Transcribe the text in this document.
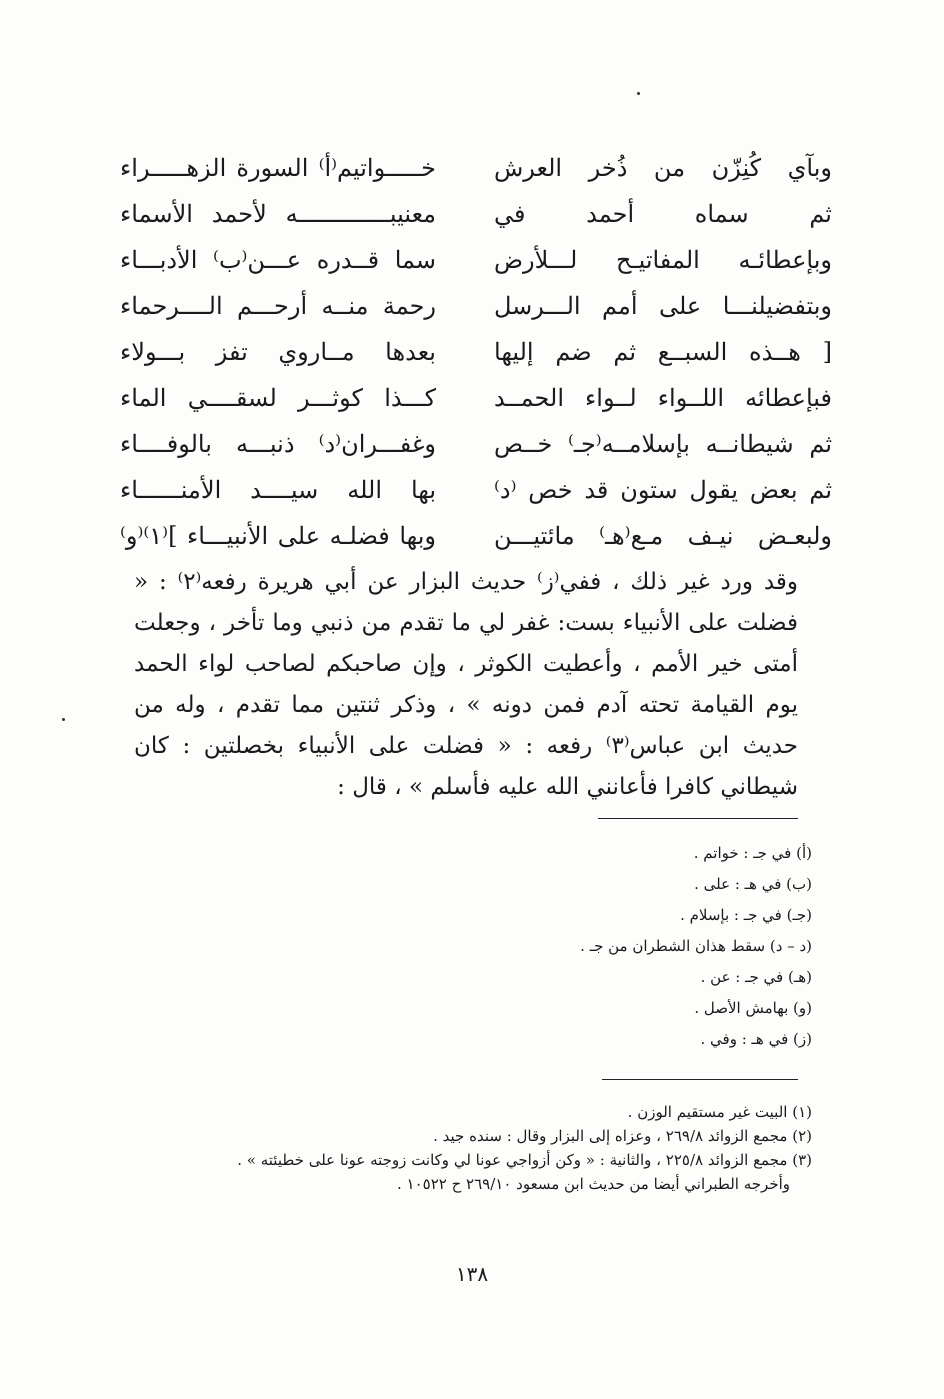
وبآي كُنِزّن من ذُخر العرش
خـــــواتيم⁽أ⁾ السورة الزهـــــراء
ثم سماه أحمد في
معنيبـــــــــــــه لأحمد الأسماء
وبإعطائـه المفاتيـح لـــلأرض
سما قــدره عـــن⁽ب⁾ الأدبـــاء
وبتفضيلنـــا على أمم الـــرسل
رحمة منــه أرحـــم الــــرحماء
[ هــذه السبــع ثم ضم إليها
بعدها مــاروي تفز بـــولاء
فبإعطائه اللــواء لــواء الحمــد
كـــذا كوثـــر لسقــــي الماء
ثم شيطانــه بإسلامــه⁽جـ⁾ خــص
وغفـــران⁽د⁾ ذنبـــه بالوفــــاء
ثم بعض يقول ستون قد خص ⁽د⁾
بها الله سيــــد الأمنــــــاء
ولبعـض نيـف مـع⁽هـ⁾ مائتيـــن
وبها فضلـه على الأنبيـــاء ]⁽١⁾⁽و⁾
وقد ورد غير ذلك ، ففي⁽ز⁾ حديث البزار عن أبي هريرة رفعه⁽٢⁾ : « فضلت على الأنبياء بست: غفر لي ما تقدم من ذنبي وما تأخر ، وجعلت أمتى خير الأمم ، وأعطيت الكوثر ، وإن صاحبكم لصاحب لواء الحمد يوم القيامة تحته آدم فمن دونه » ، وذكر ثنتين مما تقدم ، وله من حديث ابن عباس⁽٣⁾ رفعه : « فضلت على الأنبياء بخصلتين : كان شيطاني كافرا فأعانني الله عليه فأسلم » ، قال :
(أ) في جـ : خواتم .
(ب) في هـ : على .
(جـ) في جـ : بإسلام .
(د – د) سقط هذان الشطران من جـ .
(هـ) في جـ : عن .
(و) بهامش الأصل .
(ز) في هـ : وفي .
(١) البيت غير مستقيم الوزن .
(٢) مجمع الزوائد ٢٦٩/٨ ، وعزاه إلى البزار وقال : سنده جيد .
(٣) مجمع الزوائد ٢٢٥/٨ ، والثانية : « وكن أزواجي عونا لي وكانت زوجته عونا على خطيئته » .
وأخرجه الطبراني أيضا من حديث ابن مسعود ٢٦٩/١٠ ح ١٠٥٢٢ .
١٣٨
